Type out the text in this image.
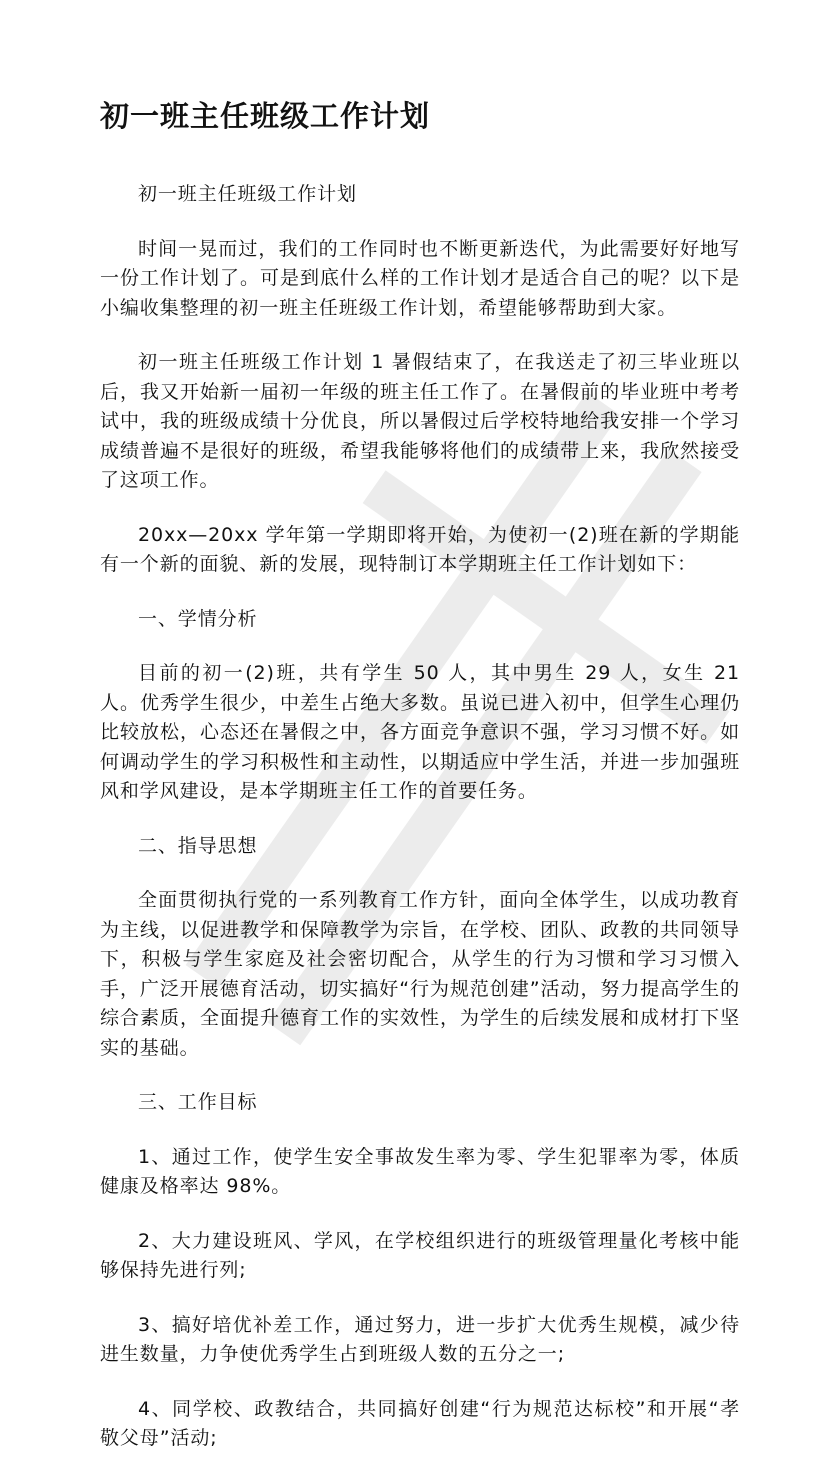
初一班主任班级工作计划

初一班主任班级工作计划

时间一晃而过，我们的工作同时也不断更新迭代，为此需要好好地写一份工作计划了。可是到底什么样的工作计划才是适合自己的呢？以下是小编收集整理的初一班主任班级工作计划，希望能够帮助到大家。

初一班主任班级工作计划 1 暑假结束了，在我送走了初三毕业班以后，我又开始新一届初一年级的班主任工作了。在暑假前的毕业班中考考试中，我的班级成绩十分优良，所以暑假过后学校特地给我安排一个学习成绩普遍不是很好的班级，希望我能够将他们的成绩带上来，我欣然接受了这项工作。

20xx—20xx 学年第一学期即将开始，为使初一(2)班在新的学期能有一个新的面貌、新的发展，现特制订本学期班主任工作计划如下：

一、学情分析

目前的初一(2)班，共有学生 50 人，其中男生 29 人，女生 21 人。优秀学生很少，中差生占绝大多数。虽说已进入初中，但学生心理仍比较放松，心态还在暑假之中，各方面竞争意识不强，学习习惯不好。如何调动学生的学习积极性和主动性，以期适应中学生活，并进一步加强班风和学风建设，是本学期班主任工作的首要任务。

二、指导思想

全面贯彻执行党的一系列教育工作方针，面向全体学生，以成功教育为主线，以促进教学和保障教学为宗旨，在学校、团队、政教的共同领导下，积极与学生家庭及社会密切配合，从学生的行为习惯和学习习惯入手，广泛开展德育活动，切实搞好“行为规范创建”活动，努力提高学生的综合素质，全面提升德育工作的实效性，为学生的后续发展和成材打下坚实的基础。

三、工作目标

1、通过工作，使学生安全事故发生率为零、学生犯罪率为零，体质健康及格率达 98%。

2、大力建设班风、学风，在学校组织进行的班级管理量化考核中能够保持先进行列;

3、搞好培优补差工作，通过努力，进一步扩大优秀生规模，减少待进生数量，力争使优秀学生占到班级人数的五分之一;

4、同学校、政教结合，共同搞好创建“行为规范达标校”和开展“孝敬父母”活动;
